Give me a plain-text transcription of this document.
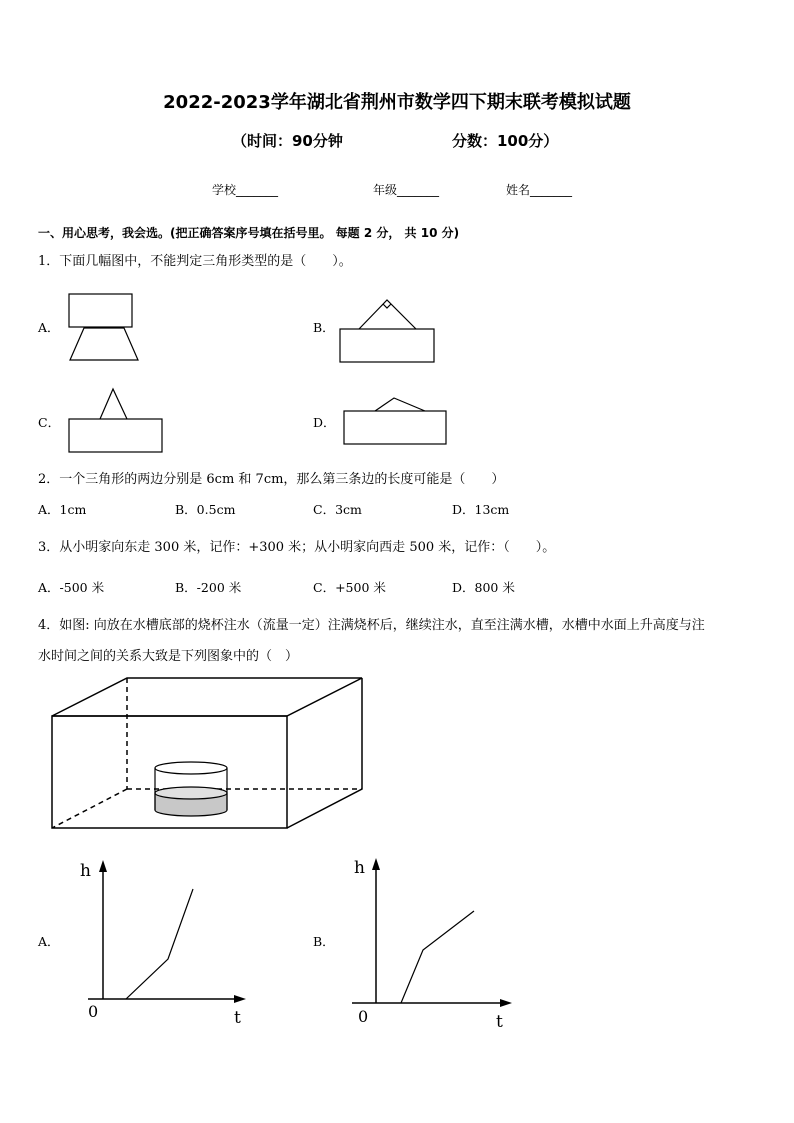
2022-2023学年湖北省荆州市数学四下期末联考模拟试题
（时间：90分钟	分数：100分）
学校_______	年级_______	姓名_______
一、用心思考，我会选。(把正确答案序号填在括号里。 每题 2 分， 共 10 分)
1．下面几幅图中，不能判定三角形类型的是（　　）。
A．	B．
C．	D．
2．一个三角形的两边分别是 6cm 和 7cm，那么第三条边的长度可能是（　　）
A．1cm	B．0.5cm	C．3cm	D．13cm
3．从小明家向东走 300 米，记作：+300 米；从小明家向西走 500 米，记作：（　　）。
A．-500 米	B．-200 米	C．+500 米	D．800 米
4．如图: 向放在水槽底部的烧杯注水（流量一定）注满烧杯后，继续注水，直至注满水槽，水槽中水面上升高度与注
水时间之间的关系大致是下列图象中的（　）
A．
h
t
0
B．
h
t
0
